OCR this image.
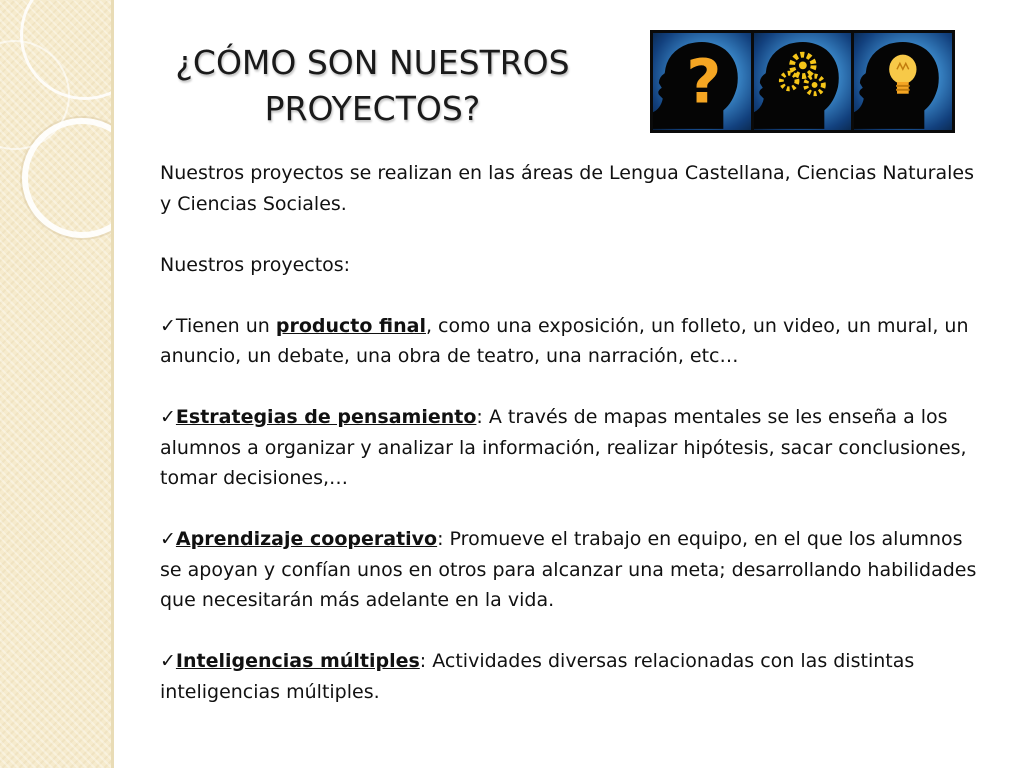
¿CÓMO SON NUESTROS
PROYECTOS?	?

Nuestros proyectos se realizan en las áreas de Lengua Castellana, Ciencias Naturales y Ciencias Sociales.

Nuestros proyectos:

✓Tienen un producto final, como una exposición, un folleto, un video, un mural, un anuncio, un debate, una obra de teatro, una narración, etc…

✓Estrategias de pensamiento: A través de mapas mentales se les enseña a los alumnos a organizar y analizar la información, realizar hipótesis, sacar conclusiones, tomar decisiones,…

✓Aprendizaje cooperativo: Promueve el trabajo en equipo, en el que los alumnos se apoyan y confían unos en otros para alcanzar una meta; desarrollando habilidades que necesitarán más adelante en la vida.

✓Inteligencias múltiples: Actividades diversas relacionadas con las distintas inteligencias múltiples.
